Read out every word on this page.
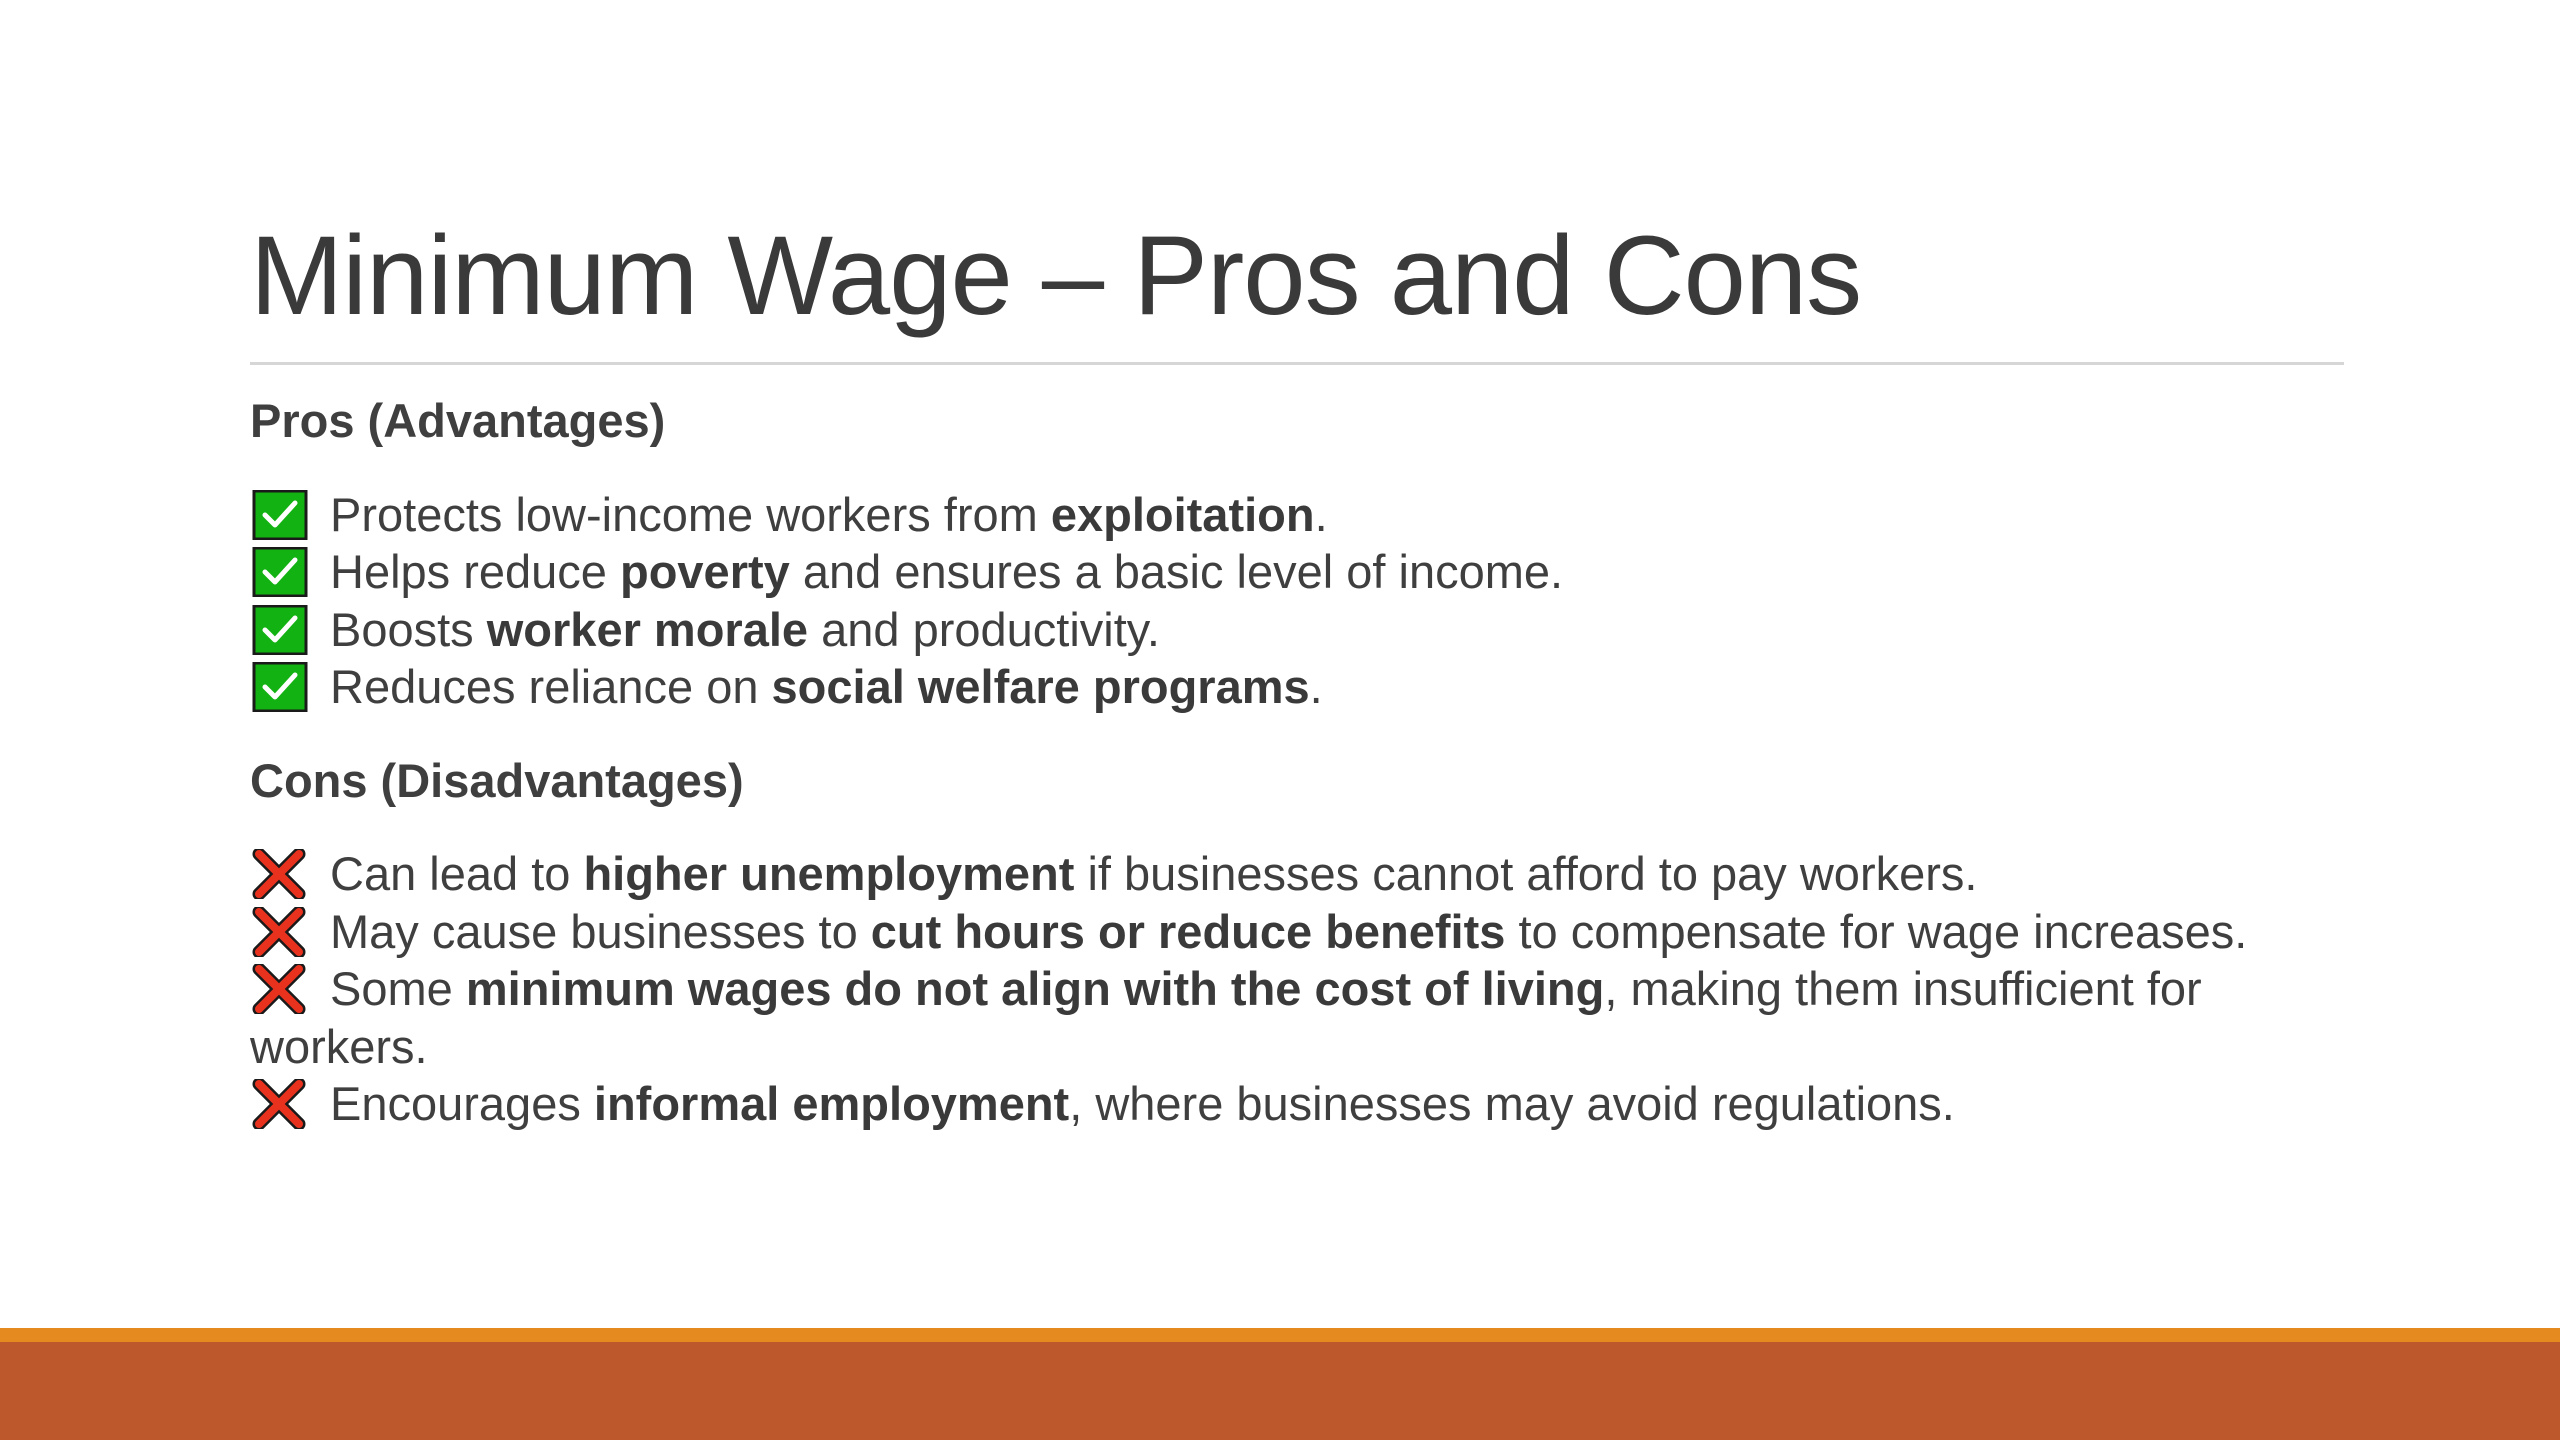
Minimum Wage – Pros and Cons

Pros (Advantages)

Protects low-income workers from exploitation.

Helps reduce poverty and ensures a basic level of income.

Boosts worker morale and productivity.

Reduces reliance on social welfare programs.

Cons (Disadvantages)

Can lead to higher unemployment if businesses cannot afford to pay workers.

May cause businesses to cut hours or reduce benefits to compensate for wage increases.

Some minimum wages do not align with the cost of living, making them insufficient for workers.

Encourages informal employment, where businesses may avoid regulations.
